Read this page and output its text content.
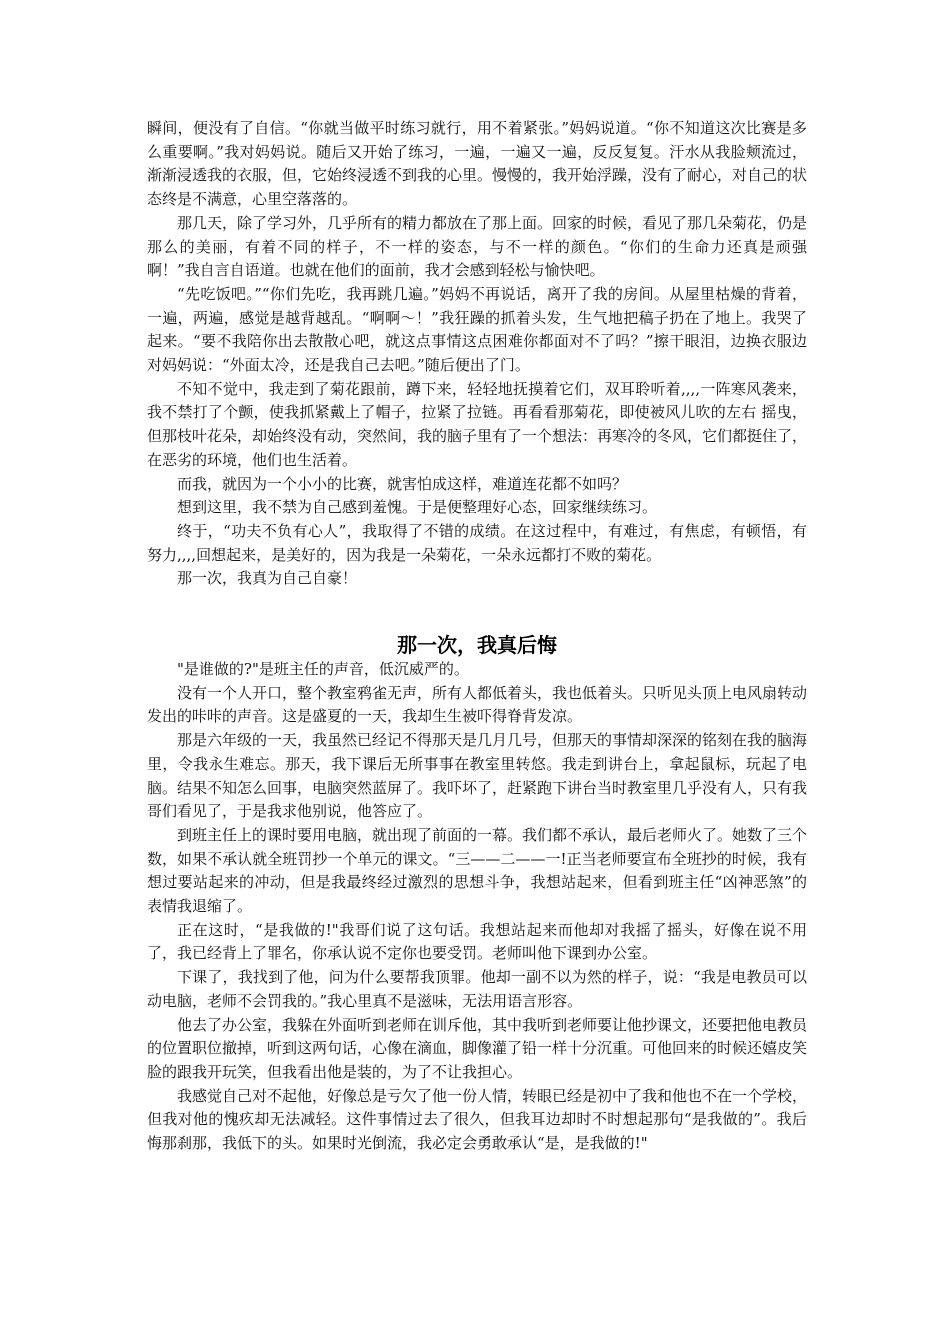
瞬间，便没有了自信。“你就当做平时练习就行，用不着紧张。”妈妈说道。“你不知道这次比赛是多么重要啊。”我对妈妈说。随后又开始了练习，一遍，一遍又一遍，反反复复。汗水从我脸颊流过，渐渐浸透我的衣服，但，它始终浸透不到我的心里。慢慢的，我开始浮躁，没有了耐心，对自己的状态终是不满意，心里空落落的。

那几天，除了学习外，几乎所有的精力都放在了那上面。回家的时候，看见了那几朵菊花，仍是那么的美丽，有着不同的样子，不一样的姿态，与不一样的颜色。“你们的生命力还真是顽强啊！”我自言自语道。也就在他们的面前，我才会感到轻松与愉快吧。

“先吃饭吧。”“你们先吃，我再跳几遍。”妈妈不再说话，离开了我的房间。从屋里枯燥的背着，一遍，两遍，感觉是越背越乱。“啊啊～！”我狂躁的抓着头发，生气地把稿子扔在了地上。我哭了起来。“要不我陪你出去散散心吧，就这点事情这点困难你都面对不了吗？”擦干眼泪，边换衣服边对妈妈说：“外面太冷，还是我自己去吧。”随后便出了门。

不知不觉中，我走到了菊花跟前，蹲下来，轻轻地抚摸着它们，双耳聆听着,,,,一阵寒风袭来，我不禁打了个颤，使我抓紧戴上了帽子，拉紧了拉链。再看看那菊花，即使被风儿吹的左右 摇曳，但那枝叶花朵，却始终没有动，突然间，我的脑子里有了一个想法：再寒冷的冬风，它们都挺住了，在恶劣的环境，他们也生活着。

而我，就因为一个小小的比赛，就害怕成这样，难道连花都不如吗？

想到这里，我不禁为自己感到羞愧。于是便整理好心态，回家继续练习。

终于，“功夫不负有心人”，我取得了不错的成绩。在这过程中，有难过，有焦虑，有顿悟，有努力,,,,回想起来，是美好的，因为我是一朵菊花，一朵永远都打不败的菊花。

那一次，我真为自己自豪！

那一次，我真后悔

"是谁做的?"是班主任的声音，低沉威严的。

没有一个人开口，整个教室鸦雀无声，所有人都低着头，我也低着头。只听见头顶上电风扇转动发出的咔咔的声音。这是盛夏的一天，我却生生被吓得脊背发凉。

那是六年级的一天，我虽然已经记不得那天是几月几号，但那天的事情却深深的铭刻在我的脑海里，令我永生难忘。那天，我下课后无所事事在教室里转悠。我走到讲台上，拿起鼠标，玩起了电脑。结果不知怎么回事，电脑突然蓝屏了。我吓坏了，赶紧跑下讲台当时教室里几乎没有人，只有我哥们看见了，于是我求他别说，他答应了。

到班主任上的课时要用电脑，就出现了前面的一幕。我们都不承认，最后老师火了。她数了三个数，如果不承认就全班罚抄一个单元的课文。“三——二——一!正当老师要宣布全班抄的时候，我有想过要站起来的冲动，但是我最终经过激烈的思想斗争，我想站起来，但看到班主任“凶神恶煞”的表情我退缩了。

正在这时，“是我做的!"我哥们说了这句话。我想站起来而他却对我摇了摇头，好像在说不用了，我已经背上了罪名，你承认说不定你也要受罚。老师叫他下课到办公室。

下课了，我找到了他，问为什么要帮我顶罪。他却一副不以为然的样子，说：“我是电教员可以动电脑，老师不会罚我的。”我心里真不是滋味，无法用语言形容。

他去了办公室，我躲在外面听到老师在训斥他，其中我听到老师要让他抄课文，还要把他电教员的位置职位撤掉，听到这两句话，心像在滴血，脚像灌了铅一样十分沉重。可他回来的时候还嬉皮笑脸的跟我开玩笑，但我看出他是装的，为了不让我担心。

我感觉自己对不起他，好像总是亏欠了他一份人情，转眼已经是初中了我和他也不在一个学校，但我对他的愧疚却无法减轻。这件事情过去了很久，但我耳边却时不时想起那句“是我做的”。我后悔那刹那，我低下的头。如果时光倒流，我必定会勇敢承认“是，是我做的!"
